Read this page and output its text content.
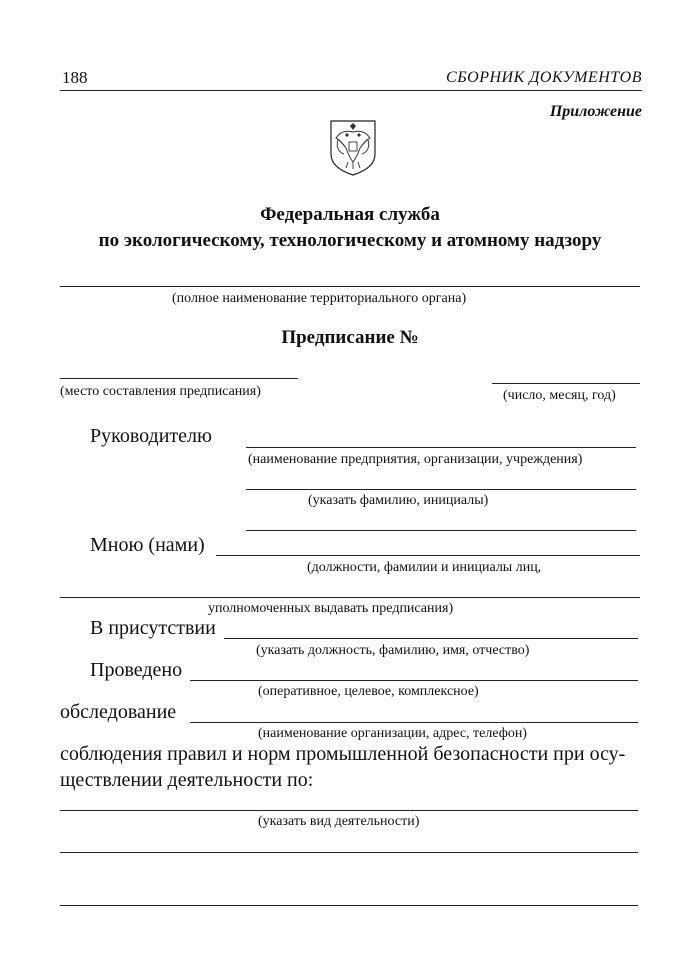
188	СБОРНИК ДОКУМЕНТОВ
Приложение
Федеральная служба
по экологическому, технологическому и атомному надзору
(полное наименование территориального органа)
Предписание №
(место составления предписания)	(число, месяц, год)
Руководителю
(наименование предприятия, организации, учреждения)
(указать фамилию, инициалы)
Мною (нами)
(должности, фамилии и инициалы лиц,
уполномоченных выдавать предписания)
В присутствии
(указать должность, фамилию, имя, отчество)
Проведено
(оперативное, целевое, комплексное)
обследование
(наименование организации, адрес, телефон)
соблюдения правил и норм промышленной безопасности при осу-
ществлении деятельности по:
(указать вид деятельности)
